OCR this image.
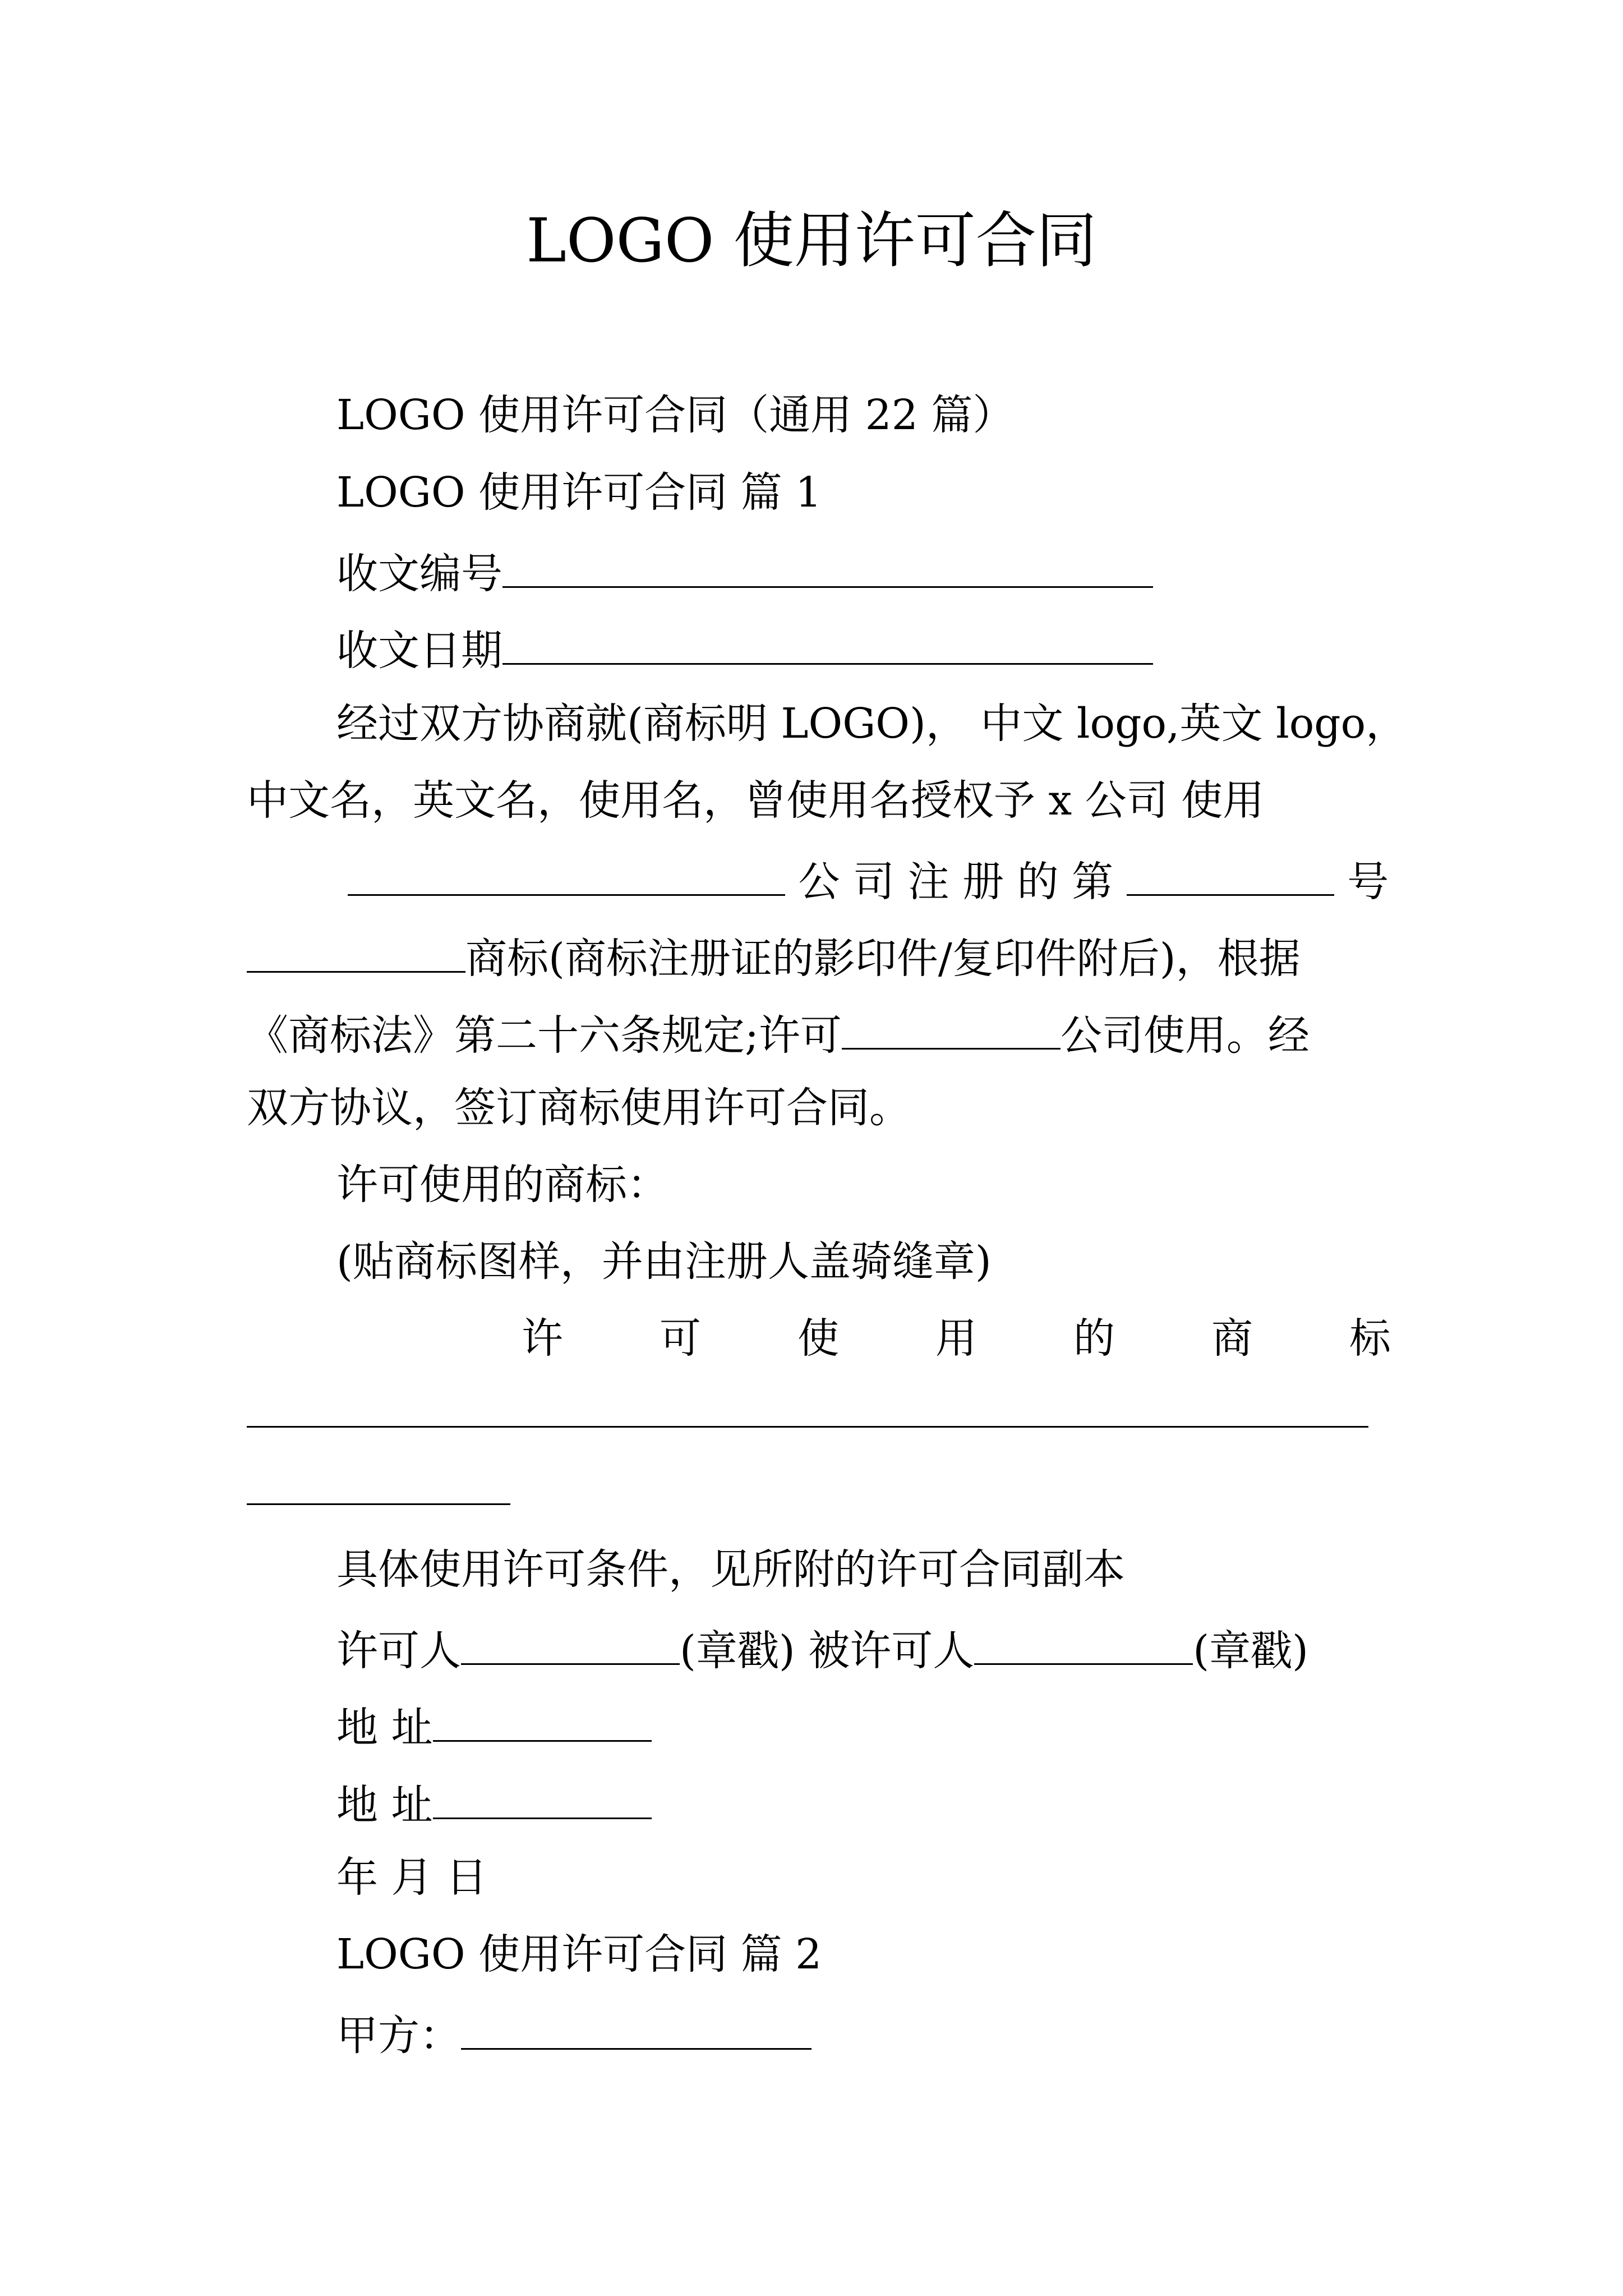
LOGO 使用许可合同
LOGO 使用许可合同（通用 22 篇）
LOGO 使用许可合同 篇 1
收文编号
收文日期
经过双方协商就(商标明 LOGO)， 中文 logo,英文 logo，
中文名，英文名，使用名，曾使用名授权予 x 公司 使用
公 司 注 册 的 第	号
商标(商标注册证的影印件/复印件附后)，根据
《商标法》第二十六条规定;许可	公司使用。经
双方协议，签订商标使用许可合同。
许可使用的商标：
(贴商标图样，并由注册人盖骑缝章)
许 可 使 用 的 商 标
具体使用许可条件，见所附的许可合同副本
许可人	(章戳) 被许可人	(章戳)
地 址
地 址
年 月 日
LOGO 使用许可合同 篇 2
甲方：
